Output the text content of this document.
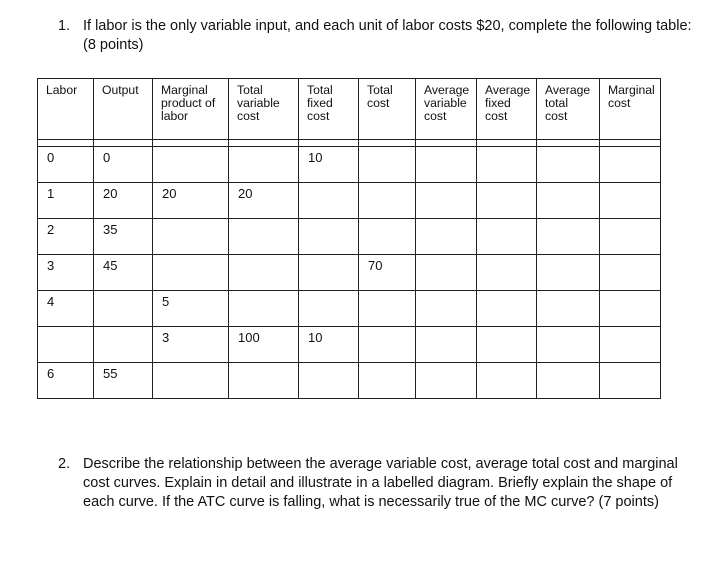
1. If labor is the only variable input, and each unit of labor costs $20, complete the following table: (8 points)
Labor	Output	Marginal
product of
labor	Total
variable
cost	Total
fixed
cost	Total
cost	Average
variable
cost	Average
fixed
cost	Average
total
cost	Marginal
cost

0	0			10					

1	20	20	20						

2	35								

3	45				70				

4		5							

		3	100	10					

6	55								

2. Describe the relationship between the average variable cost, average total cost and marginal cost curves. Explain in detail and illustrate in a labelled diagram. Briefly explain the shape of each curve. If the ATC curve is falling, what is necessarily true of the MC curve? (7 points)
